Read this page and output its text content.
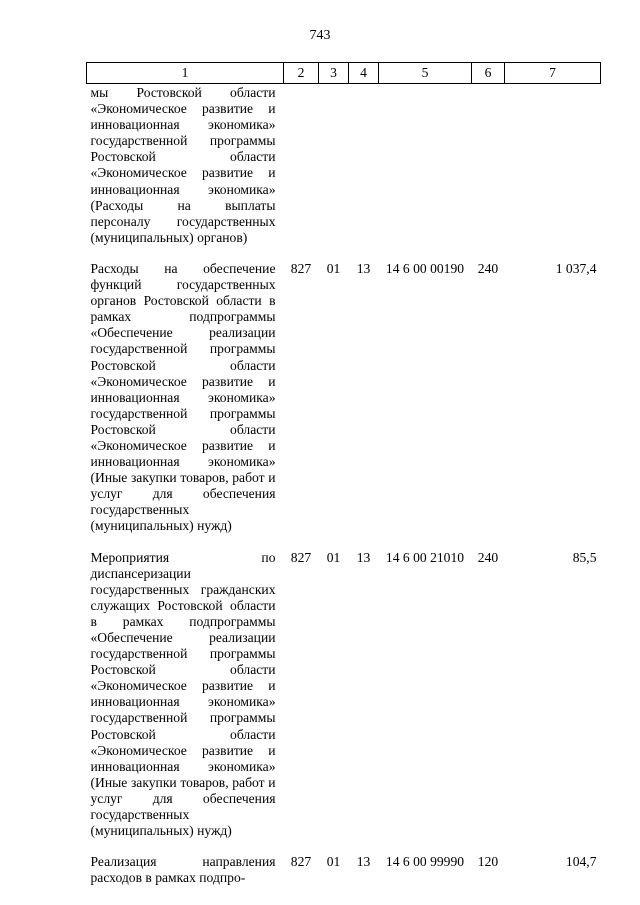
743
1	2	3	4	5	6	7
мы Ростовской области «Экономическое развитие и инновационная экономика» государственной программы Ростовской области «Экономическое развитие и инновационная экономика» (Расходы на выплаты персоналу государственных (муниципальных) органов)						
Расходы на обеспечение функций государственных органов Ростовской области в рамках подпрограммы «Обеспечение реализации государственной программы Ростовской области «Экономическое развитие и инновационная экономика» государственной программы Ростовской области «Экономическое развитие и инновационная экономика» (Иные закупки товаров, работ и услуг для обеспечения государственных (муниципальных) нужд)	827	01	13	14 6 00 00190	240	1 037,4
Мероприятия по диспансеризации государственных гражданских служащих Ростовской области в рамках подпрограммы «Обеспечение реализации государственной программы Ростовской области «Экономическое развитие и инновационная экономика» государственной программы Ростовской области «Экономическое развитие и инновационная экономика» (Иные закупки товаров, работ и услуг для обеспечения государственных (муниципальных) нужд)	827	01	13	14 6 00 21010	240	85,5
Реализация направления расходов в рамках подпро-	827	01	13	14 6 00 99990	120	104,7
